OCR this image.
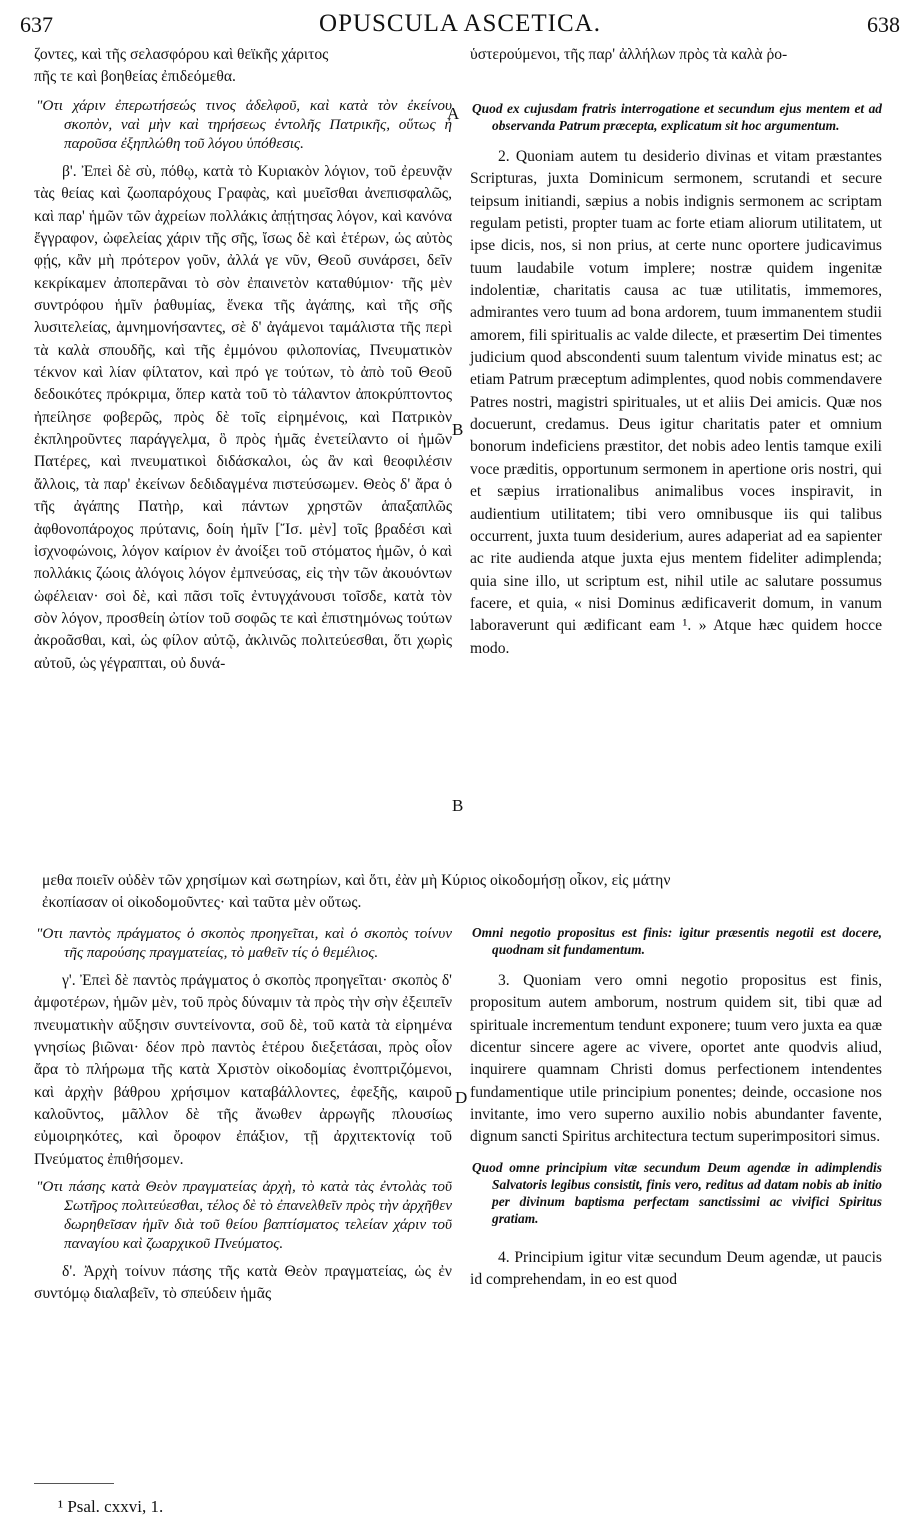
637	OPUSCULA ASCETICA.	638
ζοντες, καὶ τῆς σελασφόρου καὶ θεϊκῆς χάριτος	ὑστερούμενοι, τῆς παρ' ἀλλήλων πρὸς τὰ καλὰ ῥο-
πῆς τε καὶ βοηθείας ἐπιδεόμεθα.
A
B
B
D

"Οτι χάριν ἐπερωτήσεώς τινος ἀδελφοῦ, καὶ κατὰ τὸν ἐκείνου σκοπὸν, ναὶ μὴν καὶ τηρήσεως ἐντολῆς Πατρικῆς, οὕτως ἡ παροῦσα ἐξηπλώθη τοῦ λόγου ὑπόθεσις.

β'. Ἐπεὶ δὲ σὺ, πόθῳ, κατὰ τὸ Κυριακὸν λόγιον, τοῦ ἐρευνᾷν τὰς θείας καὶ ζωοπαρόχους Γραφὰς, καὶ μυεῖσθαι ἀνεπισφαλῶς, καὶ παρ' ἡμῶν τῶν ἀχρείων πολλάκις ἀπῄτησας λόγον, καὶ κανόνα ἔγγραφον, ὠφελείας χάριν τῆς σῆς, ἴσως δὲ καὶ ἑτέρων, ὡς αὐτὸς φῄς, κἂν μὴ πρότερον γοῦν, ἀλλά γε νῦν, Θεοῦ συνάρσει, δεῖν κεκρίκαμεν ἀποπερᾶναι τὸ σὸν ἐπαινετὸν καταθύμιον· τῆς μὲν συντρόφου ἡμῖν ῥαθυμίας, ἕνεκα τῆς ἀγάπης, καὶ τῆς σῆς λυσιτελείας, ἀμνημονήσαντες, σὲ δ' ἀγάμενοι ταμάλιστα τῆς περὶ τὰ καλὰ σπουδῆς, καὶ τῆς ἐμμόνου φιλοπονίας, Πνευματικὸν τέκνον καὶ λίαν φίλτατον, καὶ πρό γε τούτων, τὸ ἀπὸ τοῦ Θεοῦ δεδοικότες πρόκριμα, ὅπερ κατὰ τοῦ τὸ τάλαντον ἀποκρύπτοντος ἠπείλησε φοβερῶς, πρὸς δὲ τοῖς εἰρημένοις, καὶ Πατρικὸν ἐκπληροῦντες παράγγελμα, ὃ πρὸς ἡμᾶς ἐνετείλαντο οἱ ἡμῶν Πατέρες, καὶ πνευματικοὶ διδάσκαλοι, ὡς ἂν καὶ θεοφιλέσιν ἄλλοις, τὰ παρ' ἐκείνων δεδιδαγμένα πιστεύσωμεν. Θεὸς δ' ἄρα ὁ τῆς ἀγάπης Πατὴρ, καὶ πάντων χρηστῶν ἁπαξαπλῶς ἀφθονοπάροχος πρύτανις, δοίη ἡμῖν [Ἴσ. μὲν] τοῖς βραδέσι καὶ ἰσχνοφώνοις, λόγον καίριον ἐν ἀνοίξει τοῦ στόματος ἡμῶν, ὁ καὶ πολλάκις ζώοις ἀλόγοις λόγον ἐμπνεύσας, εἰς τὴν τῶν ἀκουόντων ὠφέλειαν· σοὶ δὲ, καὶ πᾶσι τοῖς ἐντυγχάνουσι τοῖσδε, κατὰ τὸν σὸν λόγον, προσθείη ὠτίον τοῦ σοφῶς τε καὶ ἐπιστημόνως τούτων ἀκροᾶσθαι, καὶ, ὡς φίλον αὐτῷ, ἀκλινῶς πολιτεύεσθαι, ὅτι χωρὶς αὐτοῦ, ὡς γέγραπται, οὐ δυνά-

Quod ex cujusdam fratris interrogatione et secundum ejus mentem et ad observanda Patrum præcepta, explicatum sit hoc argumentum.

2. Quoniam autem tu desiderio divinas et vitam præstantes Scripturas, juxta Dominicum sermonem, scrutandi et secure teipsum initiandi, sæpius a nobis indignis sermonem ac scriptam regulam petisti, propter tuam ac forte etiam aliorum utilitatem, ut ipse dicis, nos, si non prius, at certe nunc oportere judicavimus tuum laudabile votum implere; nostræ quidem ingenitæ indolentiæ, charitatis causa ac tuæ utilitatis, immemores, admirantes vero tuum ad bona ardorem, tuum immanentem studii amorem, fili spiritualis ac valde dilecte, et præsertim Dei timentes judicium quod abscondenti suum talentum vivide minatus est; ac etiam Patrum præceptum adimplentes, quod nobis commendavere Patres nostri, magistri spirituales, ut et aliis Dei amicis. Quæ nos docuerunt, credamus. Deus igitur charitatis pater et omnium bonorum indeficiens præstitor, det nobis adeo lentis tamque exili voce præditis, opportunum sermonem in apertione oris nostri, qui et sæpius irrationalibus animalibus voces inspiravit, in audientium utilitatem; tibi vero omnibusque iis qui talibus occurrent, juxta tuum desiderium, aures adaperiat ad ea sapienter ac rite audienda atque juxta ejus mentem fideliter adimplenda; quia sine illo, ut scriptum est, nihil utile ac salutare possumus facere, et quia, « nisi Dominus ædificaverit domum, in vanum laboraverunt qui ædificant eam ¹. » Atque hæc quidem hocce modo.

μεθα ποιεῖν οὐδὲν τῶν χρησίμων καὶ σωτηρίων, καὶ ὅτι, ἐὰν μὴ Κύριος οἰκοδομήσῃ οἶκον, εἰς μάτην
ἐκοπίασαν οἱ οἰκοδομοῦντες· καὶ ταῦτα μὲν οὕτως.

"Οτι παντὸς πράγματος ὁ σκοπὸς προηγεῖται, καὶ ὁ σκοπὸς τοίνυν τῆς παρούσης πραγματείας, τὸ μαθεῖν τίς ὁ θεμέλιος.

γ'. Ἐπεὶ δὲ παντὸς πράγματος ὁ σκοπὸς προηγεῖται· σκοπὸς δ' ἀμφοτέρων, ἡμῶν μὲν, τοῦ πρὸς δύναμιν τὰ πρὸς τὴν σὴν ἐξειπεῖν πνευματικὴν αὔξησιν συντείνοντα, σοῦ δὲ, τοῦ κατὰ τὰ εἰρημένα γνησίως βιῶναι· δέον πρὸ παντὸς ἑτέρου διεξετάσαι, πρὸς οἷον ἄρα τὸ πλήρωμα τῆς κατὰ Χριστὸν οἰκοδομίας ἐνοπτριζόμενοι, καὶ ἀρχὴν βάθρου χρήσιμον καταβάλλοντες, ἐφεξῆς, καιροῦ καλοῦντος, μᾶλλον δὲ τῆς ἄνωθεν ἀρρωγῆς πλουσίως εὐμοιρηκότες, καὶ ὄροφον ἐπάξιον, τῇ ἀρχιτεκτονίᾳ τοῦ Πνεύματος ἐπιθήσομεν.

"Οτι πάσης κατὰ Θεὸν πραγματείας ἀρχὴ, τὸ κατὰ τὰς ἐντολὰς τοῦ Σωτῆρος πολιτεύεσθαι, τέλος δὲ τὸ ἐπανελθεῖν πρὸς τὴν ἀρχῆθεν δωρηθεῖσαν ἡμῖν διὰ τοῦ θείου βαπτίσματος τελείαν χάριν τοῦ παναγίου καὶ ζωαρχικοῦ Πνεύματος.

δ'. Ἀρχὴ τοίνυν πάσης τῆς κατὰ Θεὸν πραγματείας, ὡς ἐν συντόμῳ διαλαβεῖν, τὸ σπεύδειν ἡμᾶς

Omni negotio propositus est finis: igitur præsentis negotii est docere, quodnam sit fundamentum.

3. Quoniam vero omni negotio propositus est finis, propositum autem amborum, nostrum quidem sit, tibi quæ ad spirituale incrementum tendunt exponere; tuum vero juxta ea quæ dicentur sincere agere ac vivere, oportet ante quodvis aliud, inquirere quamnam Christi domus perfectionem intendentes fundamentique utile principium ponentes; deinde, occasione nos invitante, imo vero superno auxilio nobis abundanter favente, dignum sancti Spiritus architectura tectum superimpositori simus.

Quod omne principium vitæ secundum Deum agendæ in adimplendis Salvatoris legibus consistit, finis vero, reditus ad datam nobis ab initio per divinum baptisma perfectam sanctissimi ac vivifici Spiritus gratiam.

4. Principium igitur vitæ secundum Deum agendæ, ut paucis id comprehendam, in eo est quod

¹ Psal. cxxvi, 1.
